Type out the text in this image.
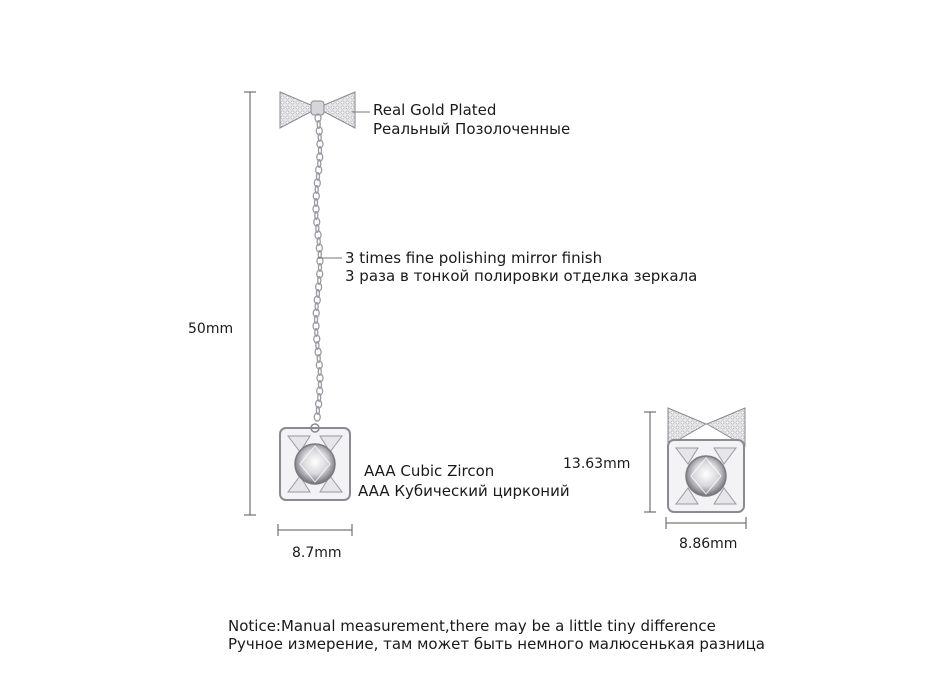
Real Gold Plated
Реальный Позолоченные
3 times fine polishing mirror finish
3 раза в тонкой полировки отделка зеркала
AAA Cubic Zircon
AAA Кубический цирконий
50mm
8.7mm
13.63mm
8.86mm
Notice:Manual measurement,there may be a little tiny difference
Ручное измерение, там может быть немного малюсенькая разница
